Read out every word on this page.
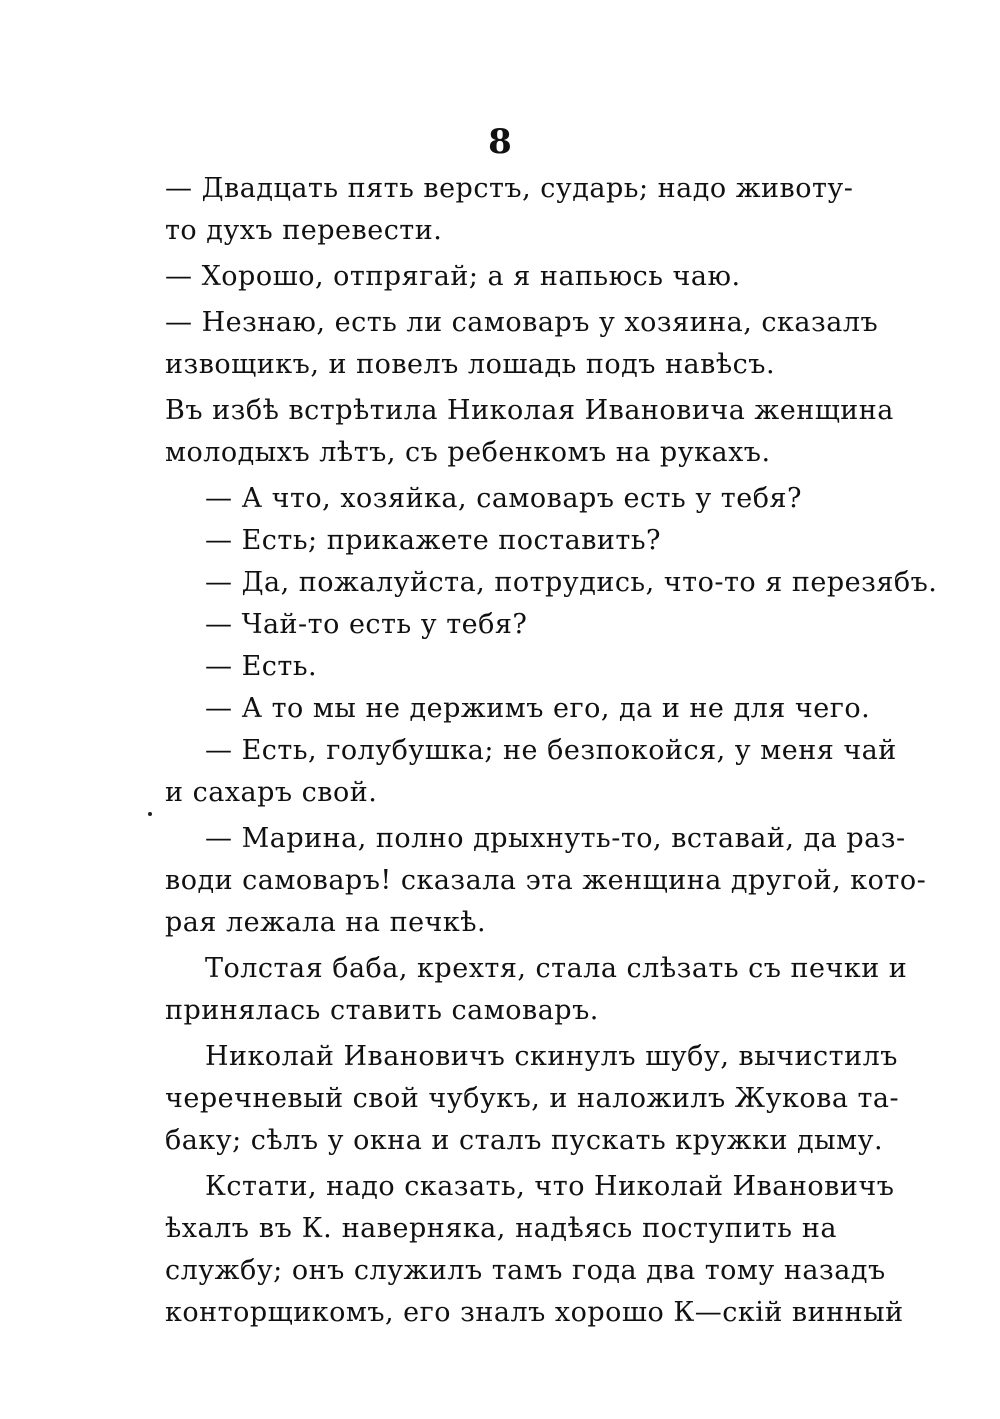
8
— Двадцать пять верстъ, сударь; надо животу-
то духъ перевести.
— Хорошо, отпрягай; а я напьюсь чаю.
— Незнаю, есть ли самоваръ у хозяина, сказалъ
извощикъ, и повелъ лошадь подъ навѣсъ.
Въ избѣ встрѣтила Николая Ивановича женщина
молодыхъ лѣтъ, съ ребенкомъ на рукахъ.
— А что, хозяйка, самоваръ есть у тебя?
— Есть; прикажете поставить?
— Да, пожалуйста, потрудись, что-то я перезябъ.
— Чай-то есть у тебя?
— Есть.
— А то мы не держимъ его, да и не для чего.
— Есть, голубушка; не безпокойся, у меня чай
и сахаръ свой.
— Марина, полно дрыхнуть-то, вставай, да раз-
води самоваръ! сказала эта женщина другой, кото-
рая лежала на печкѣ.
Толстая баба, крехтя, стала слѣзать съ печки и
принялась ставить самоваръ.
Николай Ивановичъ скинулъ шубу, вычистилъ
черечневый свой чубукъ, и наложилъ Жукова та-
баку; сѣлъ у окна и сталъ пускать кружки дыму.
Кстати, надо сказать, что Николай Ивановичъ
ѣхалъ въ К. наверняка, надѣясь поступить на
службу; онъ служилъ тамъ года два тому назадъ
конторщикомъ, его зналъ хорошо К—скій винный
